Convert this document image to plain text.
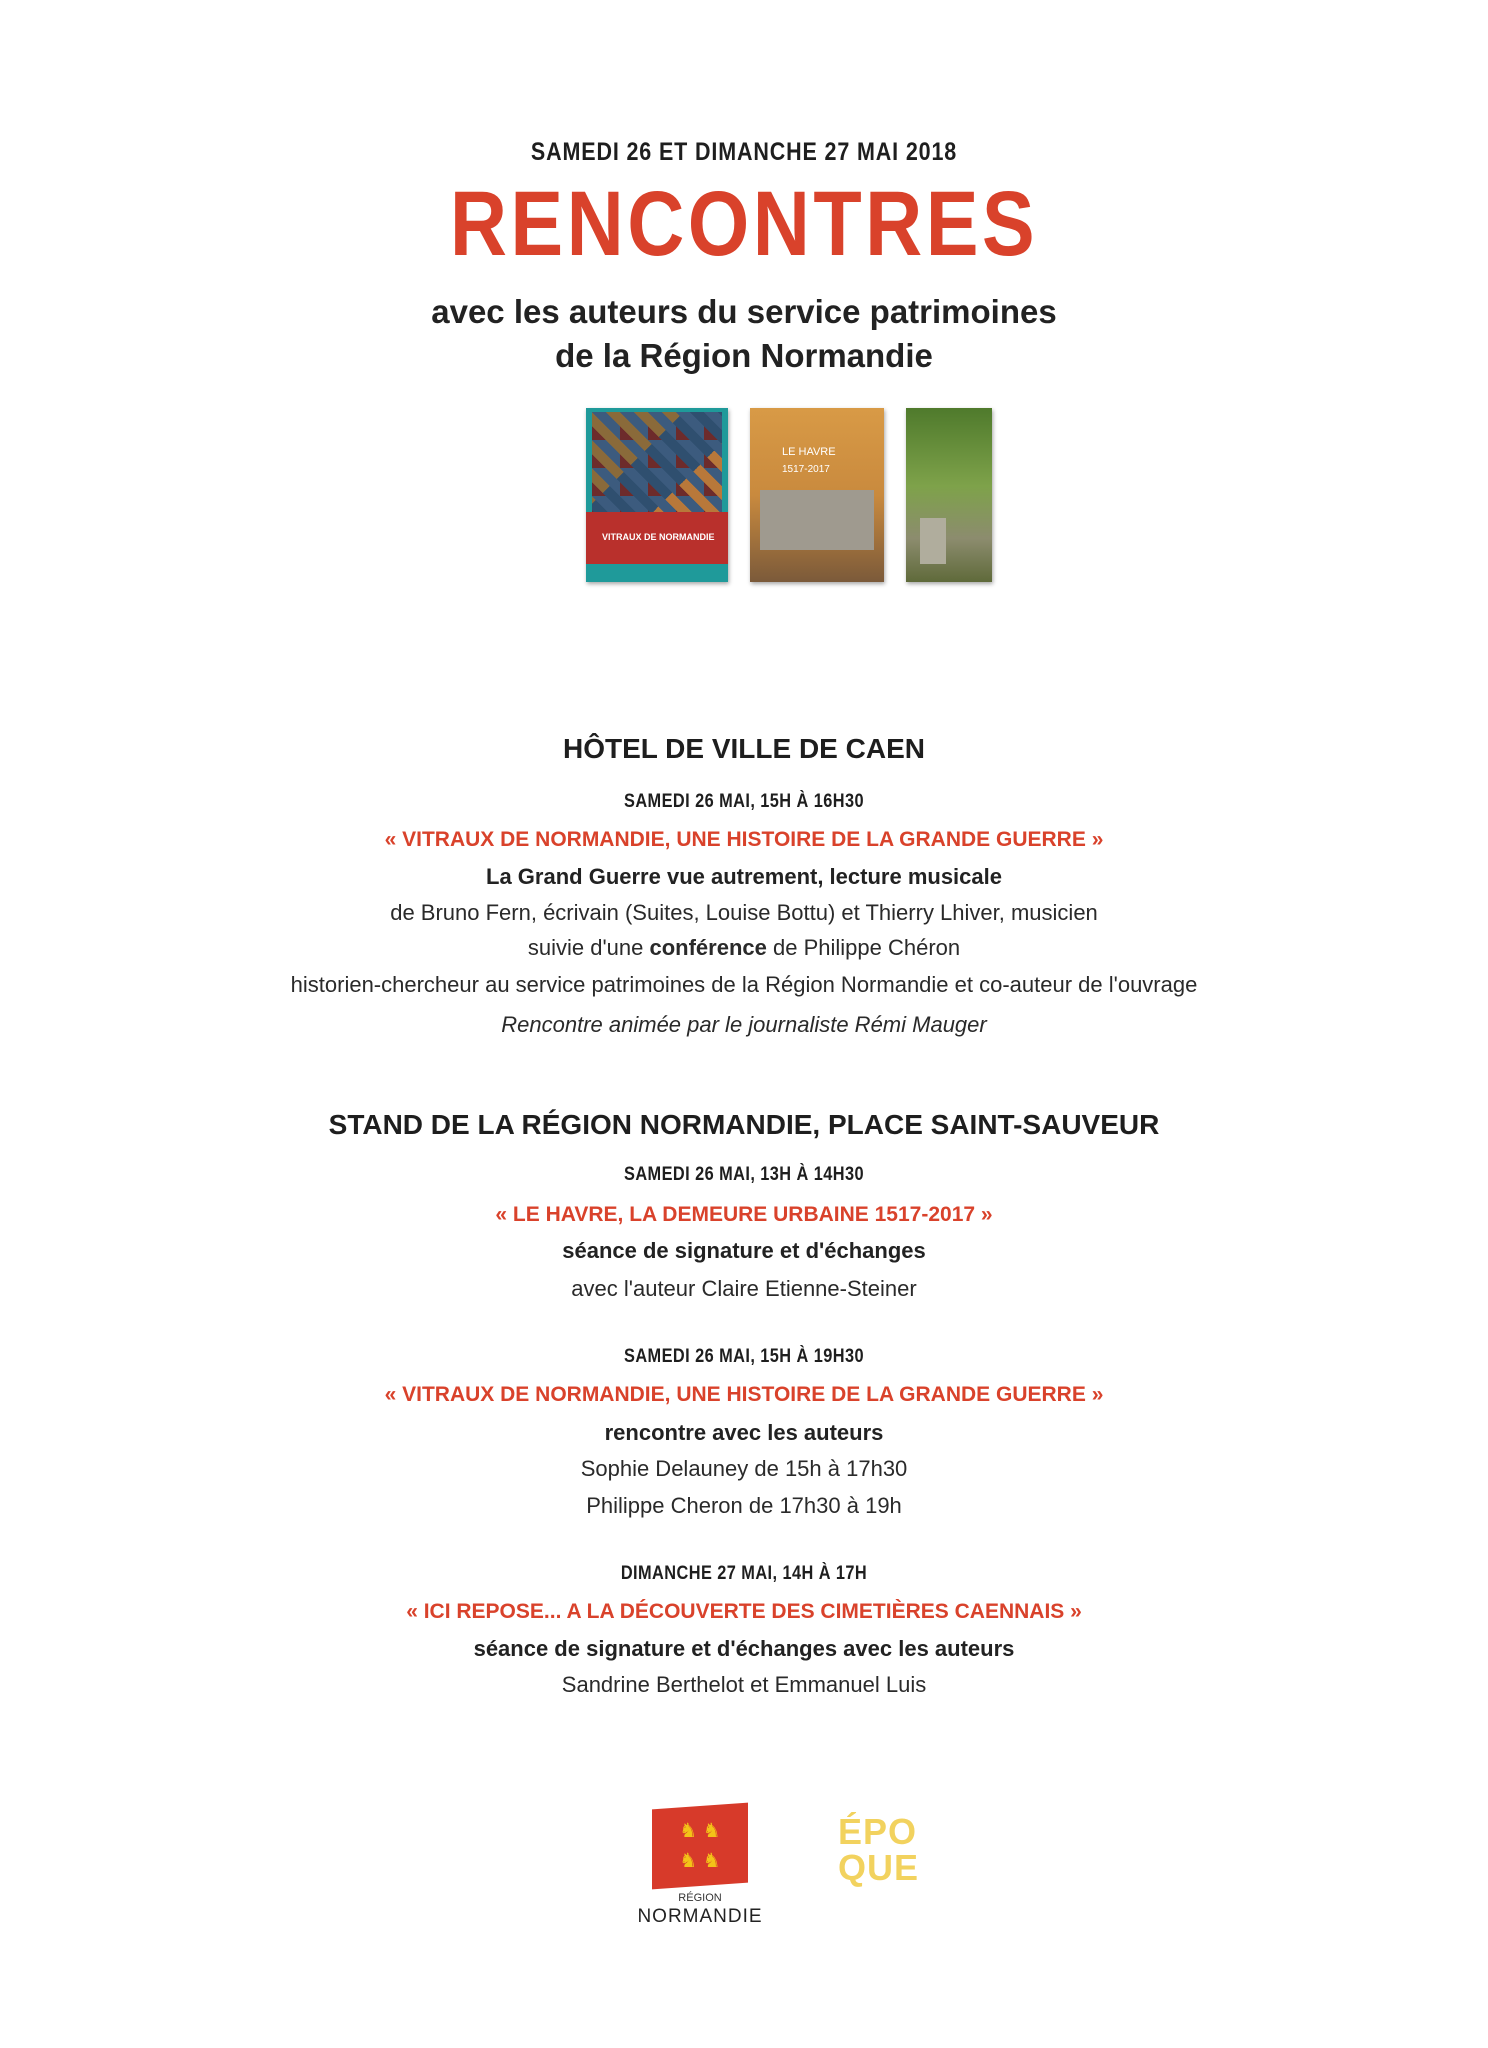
SAMEDI 26 ET DIMANCHE 27 MAI 2018
RENCONTRES
avec les auteurs du service patrimoines
de la Région Normandie
VITRAUX DE NORMANDIE
LE HAVRE
1517-2017
HÔTEL DE VILLE DE CAEN
SAMEDI 26 MAI, 15H À 16H30
« VITRAUX DE NORMANDIE, UNE HISTOIRE DE LA GRANDE GUERRE »
La Grand Guerre vue autrement, lecture musicale
de Bruno Fern, écrivain (Suites, Louise Bottu) et Thierry Lhiver, musicien
suivie d'une conférence de Philippe Chéron
historien-chercheur au service patrimoines de la Région Normandie et co-auteur de l'ouvrage
Rencontre animée par le journaliste Rémi Mauger
STAND DE LA RÉGION NORMANDIE, PLACE SAINT-SAUVEUR
SAMEDI 26 MAI, 13H À 14H30
« LE HAVRE, LA DEMEURE URBAINE 1517-2017 »
séance de signature et d'échanges
avec l'auteur Claire Etienne-Steiner
SAMEDI 26 MAI, 15H À 19H30
« VITRAUX DE NORMANDIE, UNE HISTOIRE DE LA GRANDE GUERRE »
rencontre avec les auteurs
Sophie Delauney de 15h à 17h30
Philippe Cheron de 17h30 à 19h
DIMANCHE 27 MAI, 14H À 17H
« ICI REPOSE... A LA DÉCOUVERTE DES CIMETIÈRES CAENNAIS »
séance de signature et d'échanges avec les auteurs
Sandrine Berthelot et Emmanuel Luis
♞ ♞
♞ ♞
RÉGION
NORMANDIE
ÉPO
QUE
